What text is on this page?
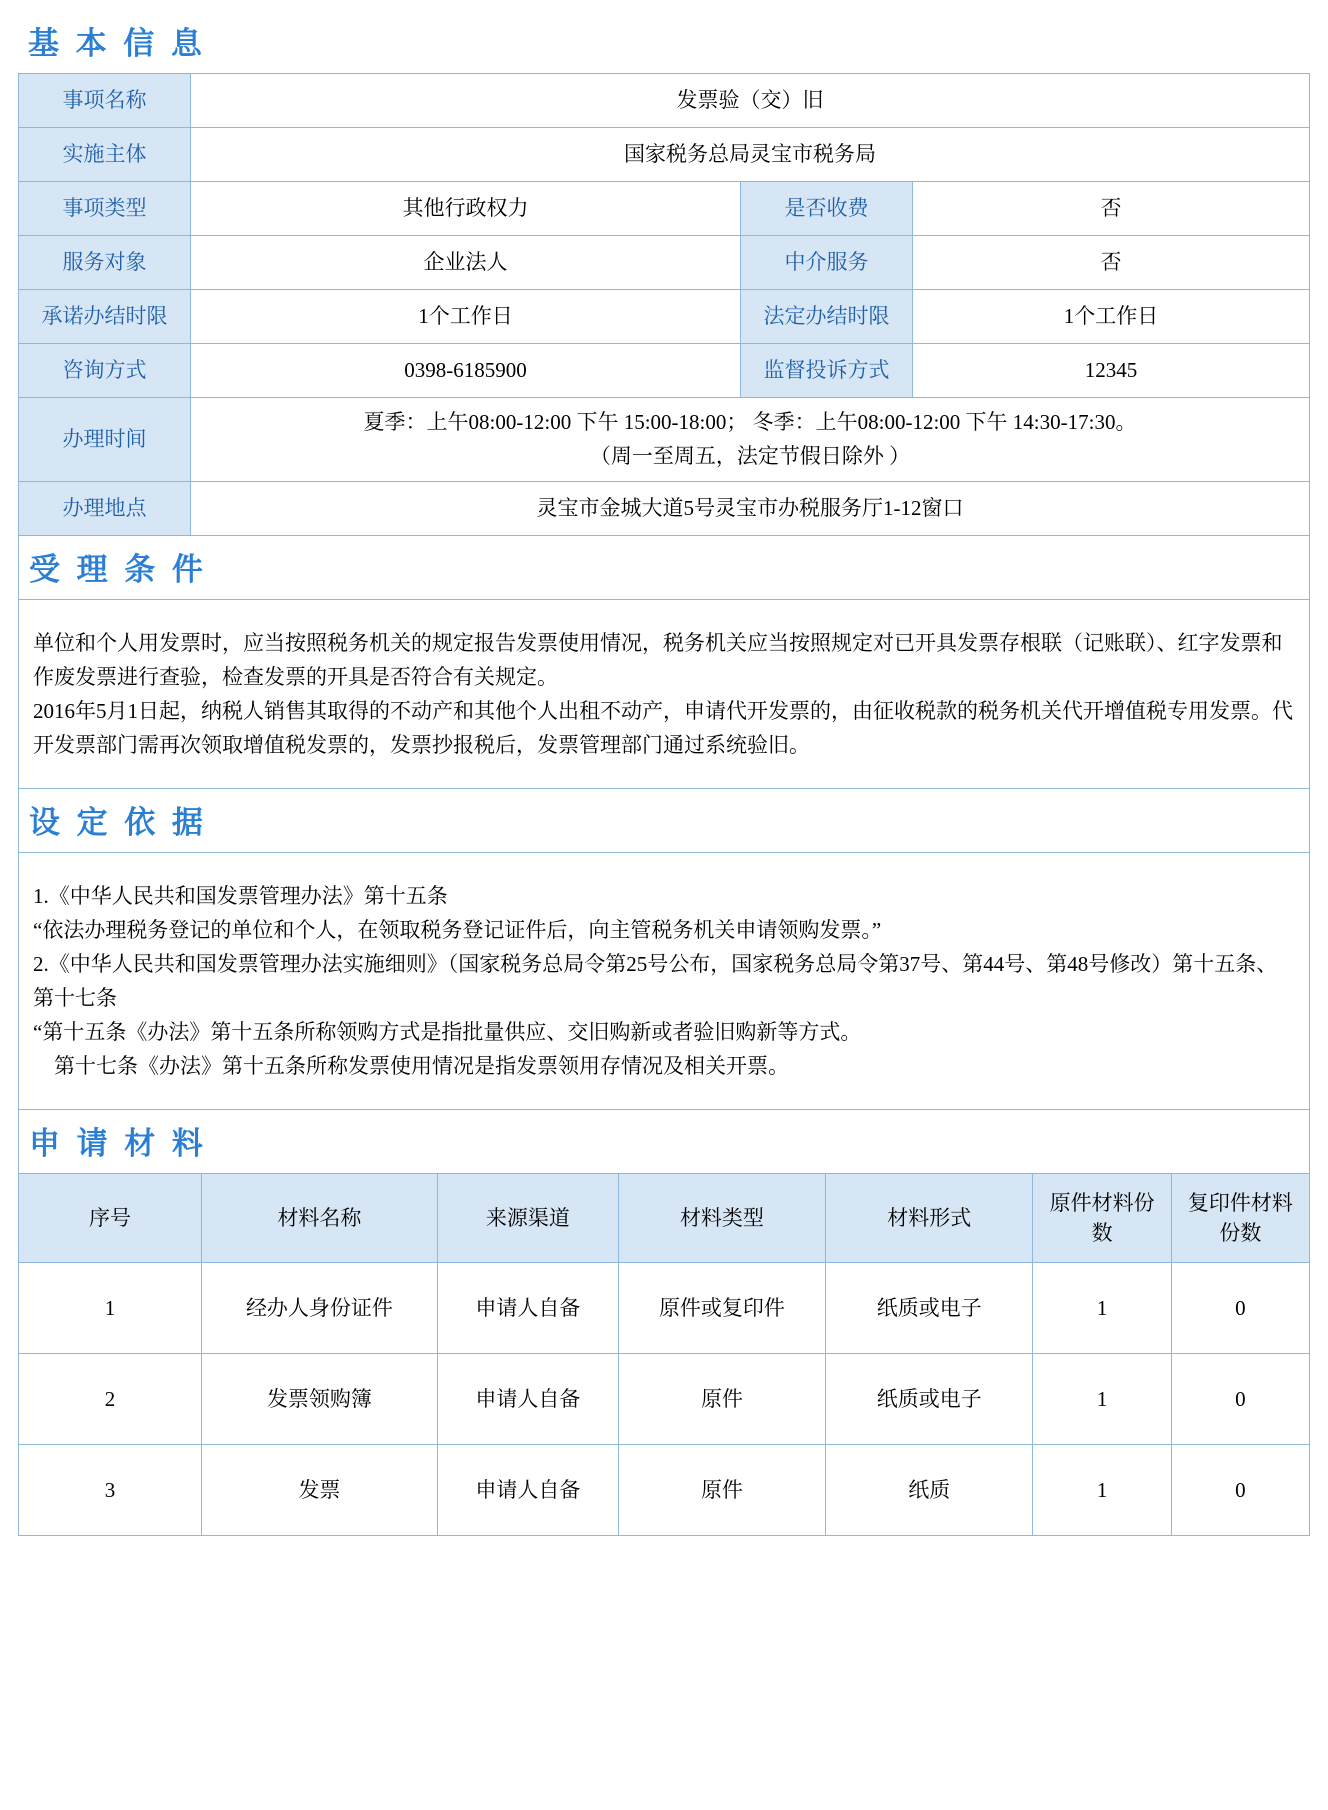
基 本 信 息
事项名称	发票验（交）旧		
实施主体	国家税务总局灵宝市税务局		
事项类型	其他行政权力	是否收费	否
服务对象	企业法人	中介服务	否
承诺办结时限	1个工作日	法定办结时限	1个工作日
咨询方式	0398-6185900	监督投诉方式	12345
办理时间	夏季：上午08:00-12:00 下午 15:00-18:00； 冬季：上午08:00-12:00 下午 14:30-17:30。
（周一至周五，法定节假日除外 ）		

办理地点	灵宝市金城大道5号灵宝市办税服务厅1-12窗口		
受 理 条 件

单位和个人用发票时，应当按照税务机关的规定报告发票使用情况，税务机关应当按照规定对已开具发票存根联（记账联）、红字发票和作废发票进行查验，检查发票的开具是否符合有关规定。

2016年5月1日起，纳税人销售其取得的不动产和其他个人出租不动产，申请代开发票的，由征收税款的税务机关代开增值税专用发票。代开发票部门需再次领取增值税发票的，发票抄报税后，发票管理部门通过系统验旧。

设 定 依 据

1.《中华人民共和国发票管理办法》第十五条

“依法办理税务登记的单位和个人，在领取税务登记证件后，向主管税务机关申请领购发票。”

2.《中华人民共和国发票管理办法实施细则》（国家税务总局令第25号公布，国家税务总局令第37号、第44号、第48号修改）第十五条、第十七条

“第十五条《办法》第十五条所称领购方式是指批量供应、交旧购新或者验旧购新等方式。

　第十七条《办法》第十五条所称发票使用情况是指发票领用存情况及相关开票。

申 请 材 料
序号	材料名称	来源渠道	材料类型	材料形式	原件材料份数	复印件材料份数
1	经办人身份证件	申请人自备	原件或复印件	纸质或电子	1	0
2	发票领购簿	申请人自备	原件	纸质或电子	1	0
3	发票	申请人自备	原件	纸质	1	0
